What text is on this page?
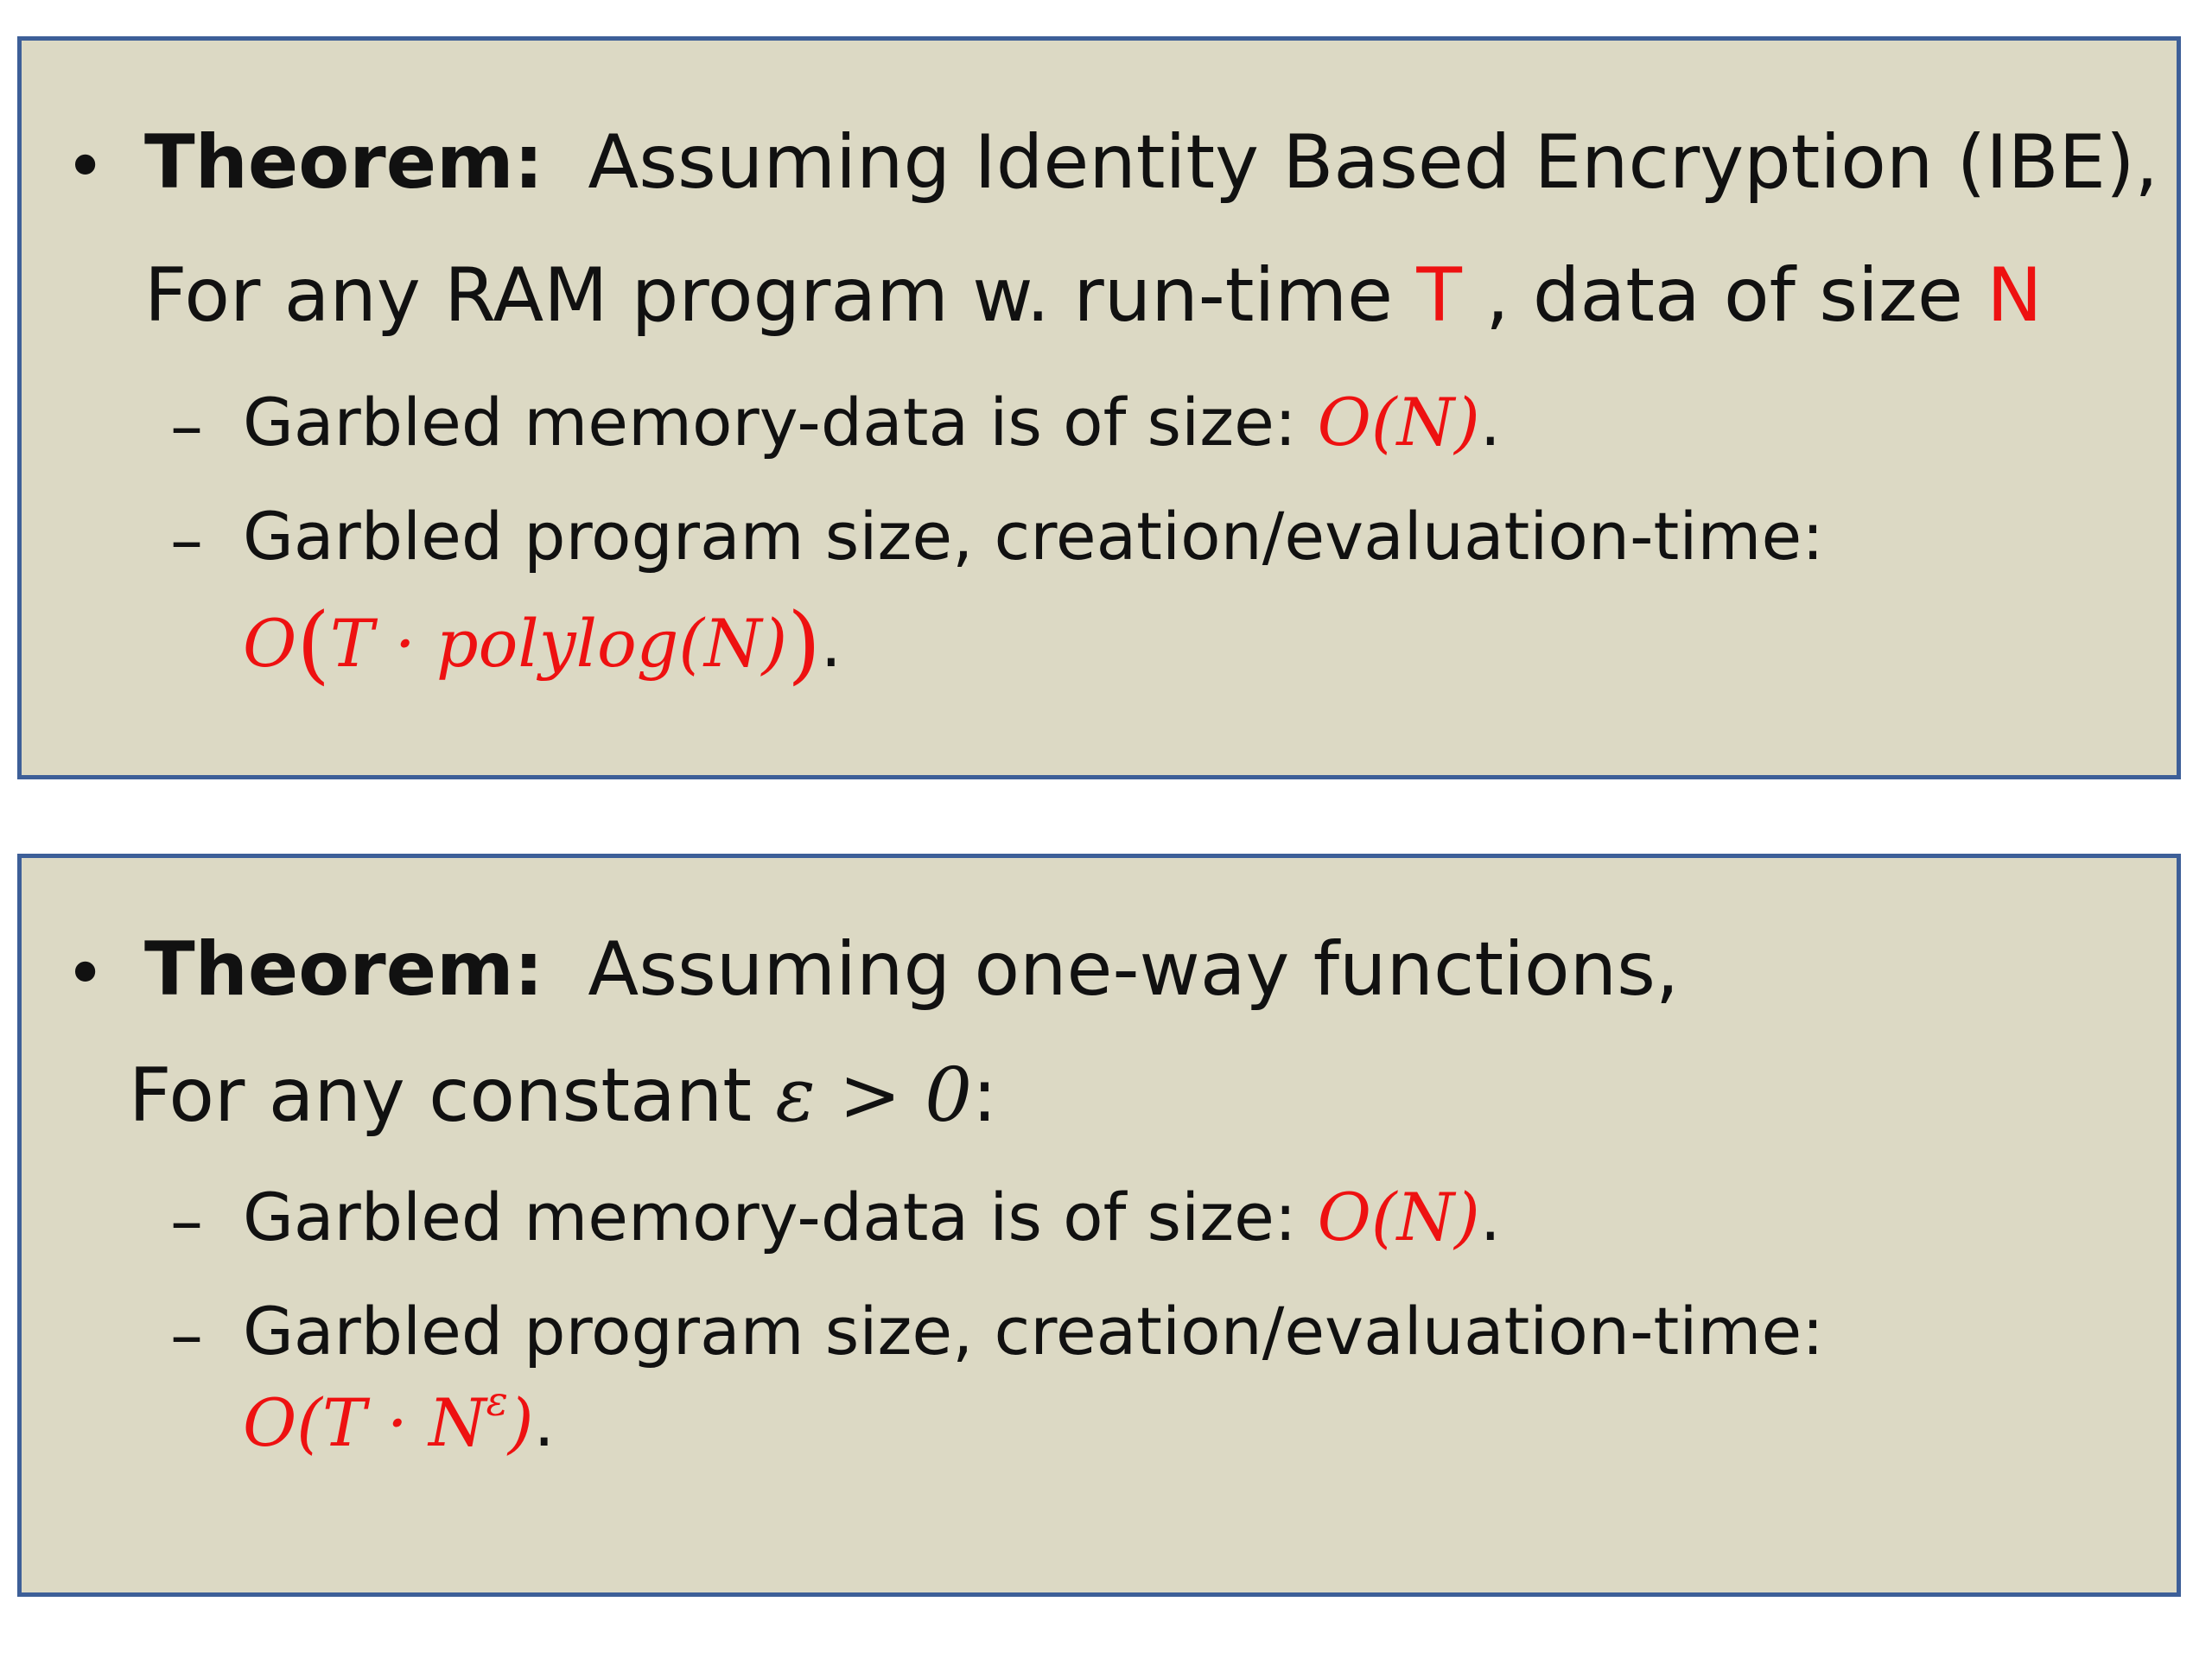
• Theorem: Assuming Identity Based Encryption (IBE),
For any RAM program w. run-time T , data of size N
– Garbled memory-data is of size: O(N).
– Garbled program size, creation/evaluation-time:
O(T · polylog(N)).
• Theorem: Assuming one-way functions,
For any constant ε > 0:
– Garbled memory-data is of size: O(N).
– Garbled program size, creation/evaluation-time:
$O(T \cdot N^\varepsilon)$.
